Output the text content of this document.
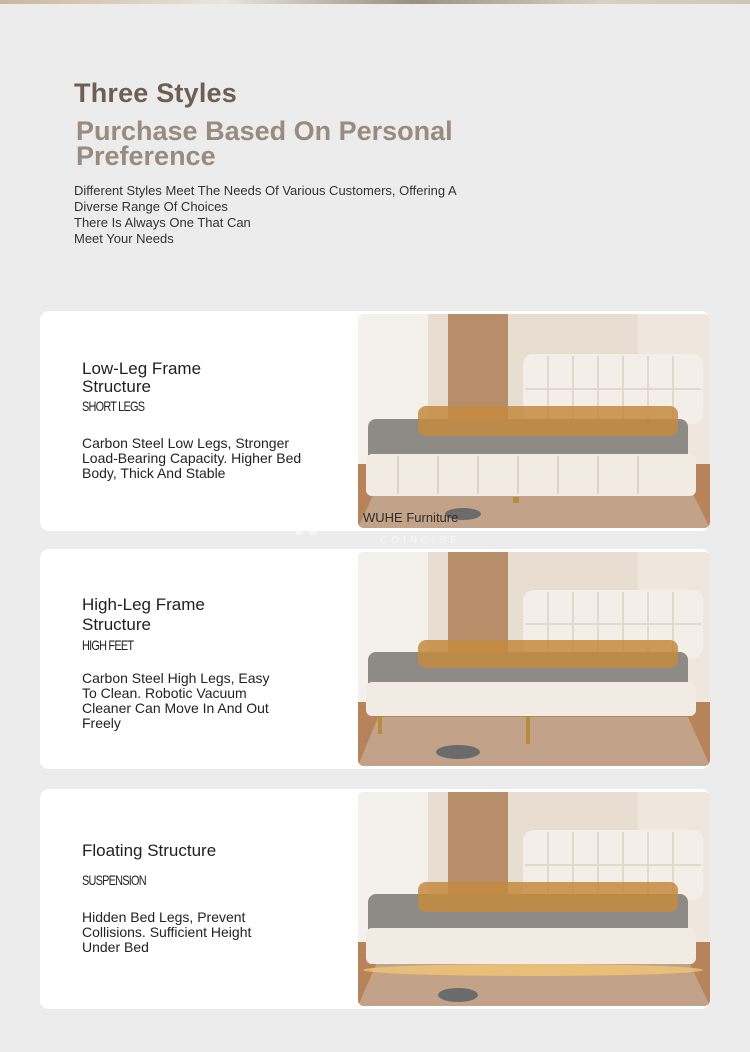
Three Styles
Purchase Based On Personal Preference
Different Styles Meet The Needs Of Various Customers, Offering A
Diverse Range Of Choices
There Is Always One That Can
Meet Your Needs
Low-Leg Frame
Structure
SHORT LEGS
Carbon Steel Low Legs, Stronger Load-Bearing Capacity. Higher Bed Body, Thick And Stable
WUHE Furniture
High-Leg Frame
Structure
HIGH FEET
Carbon Steel High Legs, Easy To Clean. Robotic Vacuum Cleaner Can Move In And Out Freely
Floating Structure
SUSPENSION
Hidden Bed Legs, Prevent Collisions. Sufficient Height Under Bed
W	COINCIDE
